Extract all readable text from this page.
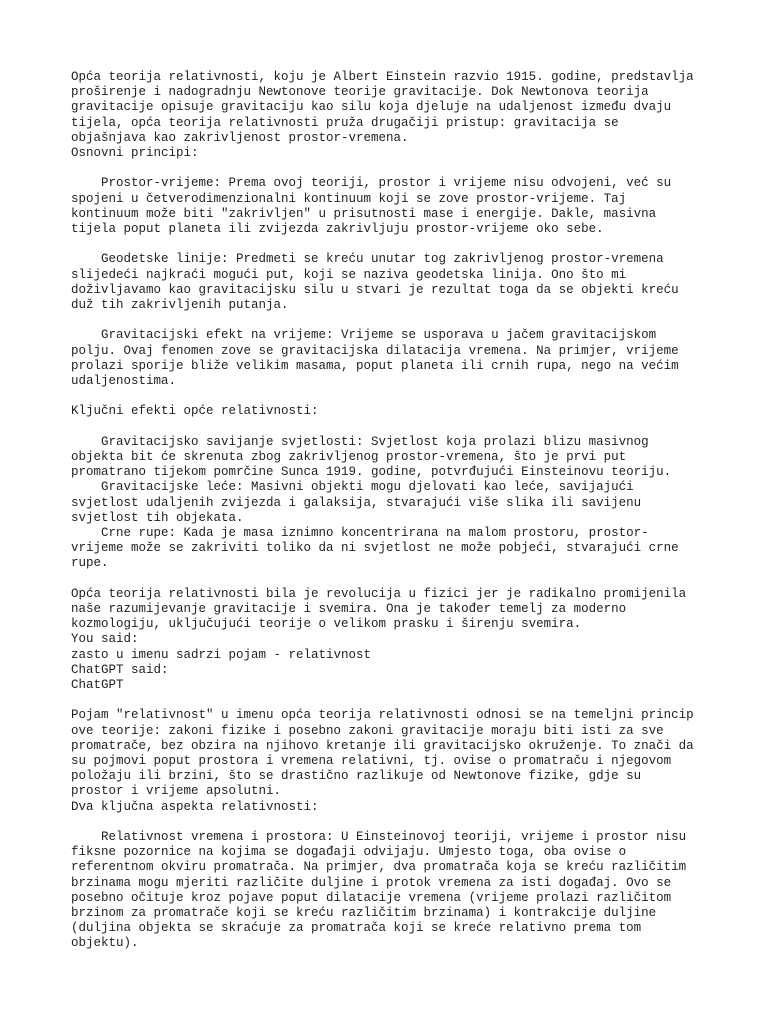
Opća teorija relativnosti, koju je Albert Einstein razvio 1915. godine, predstavlja
proširenje i nadogradnju Newtonove teorije gravitacije. Dok Newtonova teorija
gravitacije opisuje gravitaciju kao silu koja djeluje na udaljenost između dvaju
tijela, opća teorija relativnosti pruža drugačiji pristup: gravitacija se
objašnjava kao zakrivljenost prostor-vremena.
Osnovni principi:
Prostor-vrijeme: Prema ovoj teoriji, prostor i vrijeme nisu odvojeni, već su
spojeni u četverodimenzionalni kontinuum koji se zove prostor-vrijeme. Taj
kontinuum može biti "zakrivljen" u prisutnosti mase i energije. Dakle, masivna
tijela poput planeta ili zvijezda zakrivljuju prostor-vrijeme oko sebe.
Geodetske linije: Predmeti se kreću unutar tog zakrivljenog prostor-vremena
slijedeći najkraći mogući put, koji se naziva geodetska linija. Ono što mi
doživljavamo kao gravitacijsku silu u stvari je rezultat toga da se objekti kreću
duž tih zakrivljenih putanja.
Gravitacijski efekt na vrijeme: Vrijeme se usporava u jačem gravitacijskom
polju. Ovaj fenomen zove se gravitacijska dilatacija vremena. Na primjer, vrijeme
prolazi sporije bliže velikim masama, poput planeta ili crnih rupa, nego na većim
udaljenostima.
Ključni efekti opće relativnosti:
Gravitacijsko savijanje svjetlosti: Svjetlost koja prolazi blizu masivnog
objekta bit će skrenuta zbog zakrivljenog prostor-vremena, što je prvi put
promatrano tijekom pomrčine Sunca 1919. godine, potvrđujući Einsteinovu teoriju.
Gravitacijske leće: Masivni objekti mogu djelovati kao leće, savijajući
svjetlost udaljenih zvijezda i galaksija, stvarajući više slika ili savijenu
svjetlost tih objekata.
Crne rupe: Kada je masa iznimno koncentrirana na malom prostoru, prostor-
vrijeme može se zakriviti toliko da ni svjetlost ne može pobjeći, stvarajući crne
rupe.
Opća teorija relativnosti bila je revolucija u fizici jer je radikalno promijenila
naše razumijevanje gravitacije i svemira. Ona je također temelj za moderno
kozmologiju, uključujući teorije o velikom prasku i širenju svemira.
You said:
zasto u imenu sadrzi pojam - relativnost
ChatGPT said:
ChatGPT
Pojam "relativnost" u imenu opća teorija relativnosti odnosi se na temeljni princip
ove teorije: zakoni fizike i posebno zakoni gravitacije moraju biti isti za sve
promatrače, bez obzira na njihovo kretanje ili gravitacijsko okruženje. To znači da
su pojmovi poput prostora i vremena relativni, tj. ovise o promatraču i njegovom
položaju ili brzini, što se drastično razlikuje od Newtonove fizike, gdje su
prostor i vrijeme apsolutni.
Dva ključna aspekta relativnosti:
Relativnost vremena i prostora: U Einsteinovoj teoriji, vrijeme i prostor nisu
fiksne pozornice na kojima se događaji odvijaju. Umjesto toga, oba ovise o
referentnom okviru promatrača. Na primjer, dva promatrača koja se kreću različitim
brzinama mogu mjeriti različite duljine i protok vremena za isti događaj. Ovo se
posebno očituje kroz pojave poput dilatacije vremena (vrijeme prolazi različitom
brzinom za promatrače koji se kreću različitim brzinama) i kontrakcije duljine
(duljina objekta se skraćuje za promatrača koji se kreće relativno prema tom
objektu).
